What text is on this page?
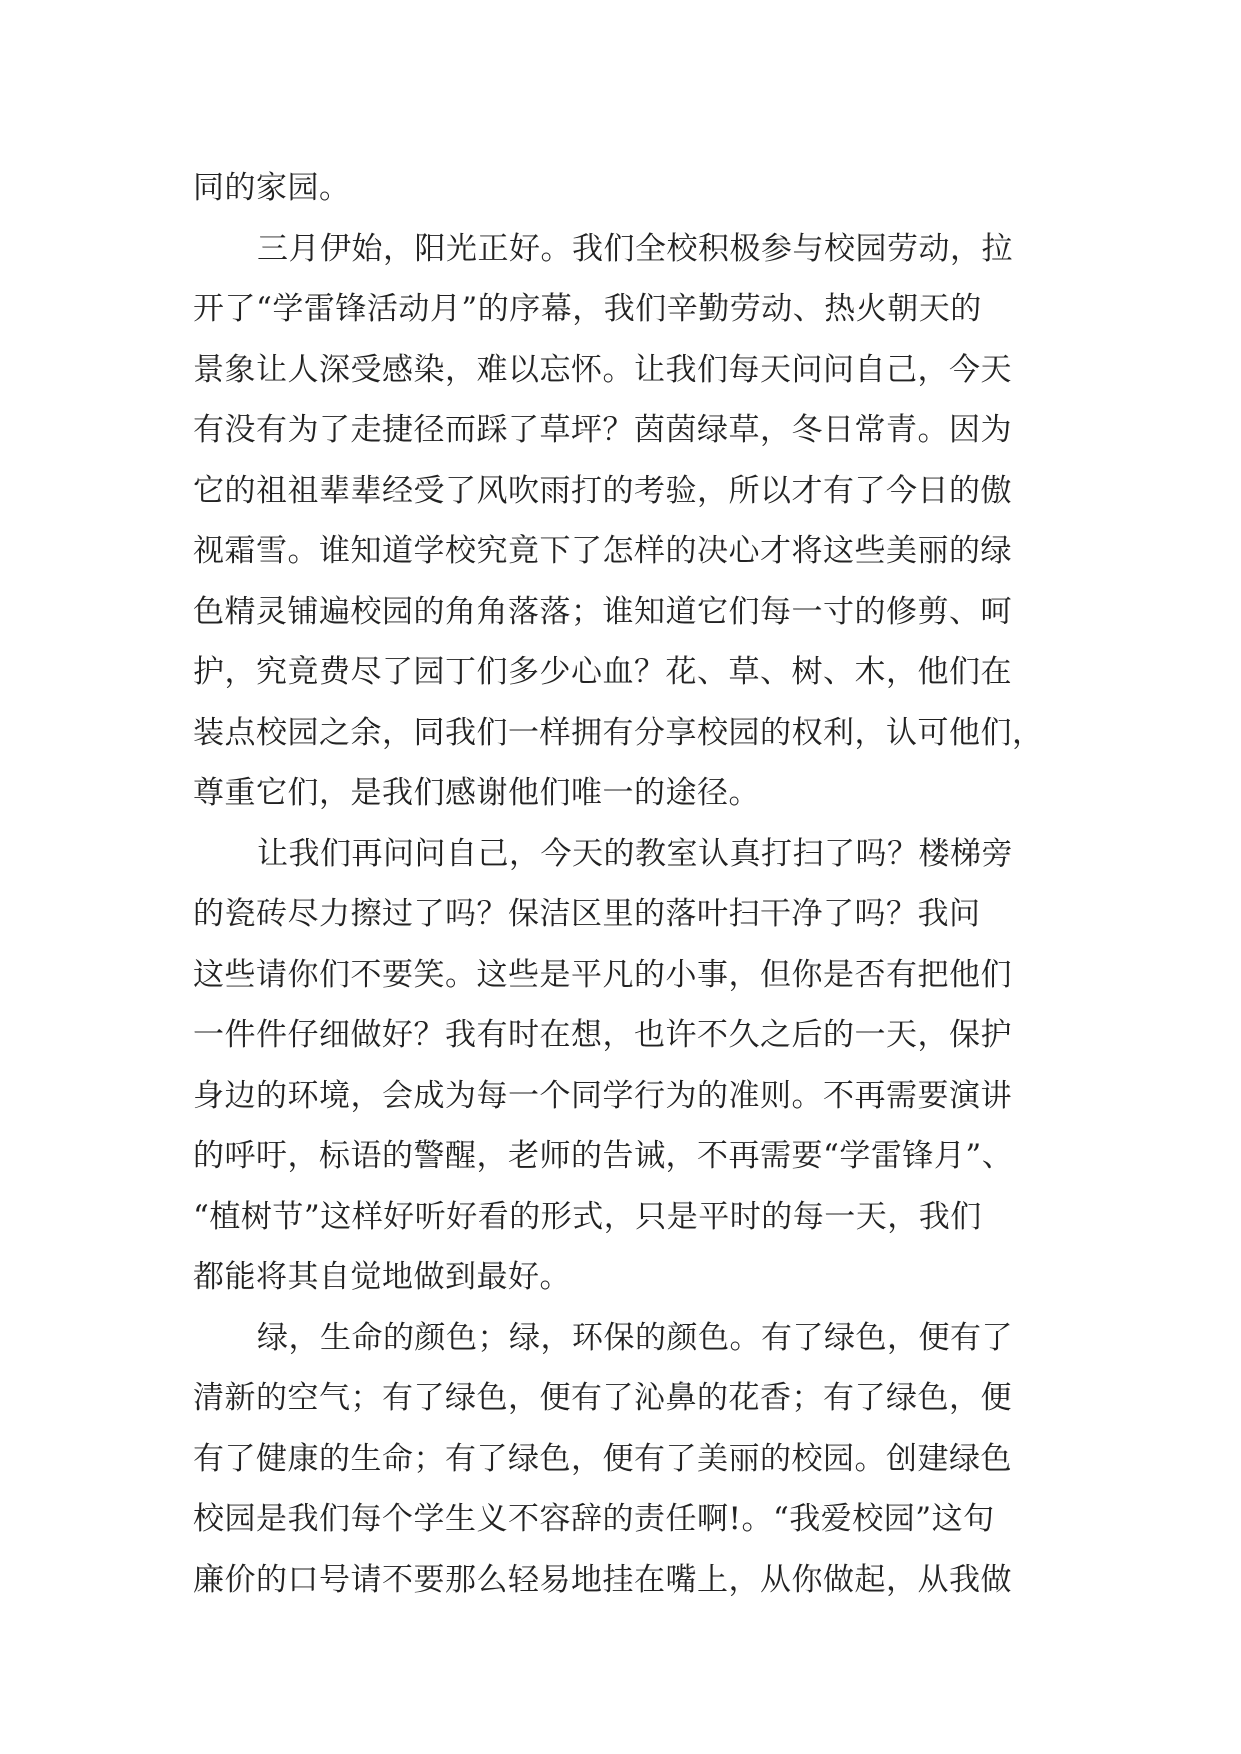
同的家园。
三月伊始，阳光正好。我们全校积极参与校园劳动，拉
开了“学雷锋活动月”的序幕，我们辛勤劳动、热火朝天的
景象让人深受感染，难以忘怀。让我们每天问问自己，今天
有没有为了走捷径而踩了草坪？茵茵绿草，冬日常青。因为
它的祖祖辈辈经受了风吹雨打的考验，所以才有了今日的傲
视霜雪。谁知道学校究竟下了怎样的决心才将这些美丽的绿
色精灵铺遍校园的角角落落；谁知道它们每一寸的修剪、呵
护，究竟费尽了园丁们多少心血？花、草、树、木，他们在
装点校园之余，同我们一样拥有分享校园的权利，认可他们，
尊重它们，是我们感谢他们唯一的途径。
让我们再问问自己，今天的教室认真打扫了吗？楼梯旁
的瓷砖尽力擦过了吗？保洁区里的落叶扫干净了吗？我问
这些请你们不要笑。这些是平凡的小事，但你是否有把他们
一件件仔细做好？我有时在想，也许不久之后的一天，保护
身边的环境，会成为每一个同学行为的准则。不再需要演讲
的呼吁，标语的警醒，老师的告诫，不再需要“学雷锋月”、
“植树节”这样好听好看的形式，只是平时的每一天，我们
都能将其自觉地做到最好。
绿，生命的颜色；绿，环保的颜色。有了绿色，便有了
清新的空气；有了绿色，便有了沁鼻的花香；有了绿色，便
有了健康的生命；有了绿色，便有了美丽的校园。创建绿色
校园是我们每个学生义不容辞的责任啊!。“我爱校园”这句
廉价的口号请不要那么轻易地挂在嘴上，从你做起，从我做
